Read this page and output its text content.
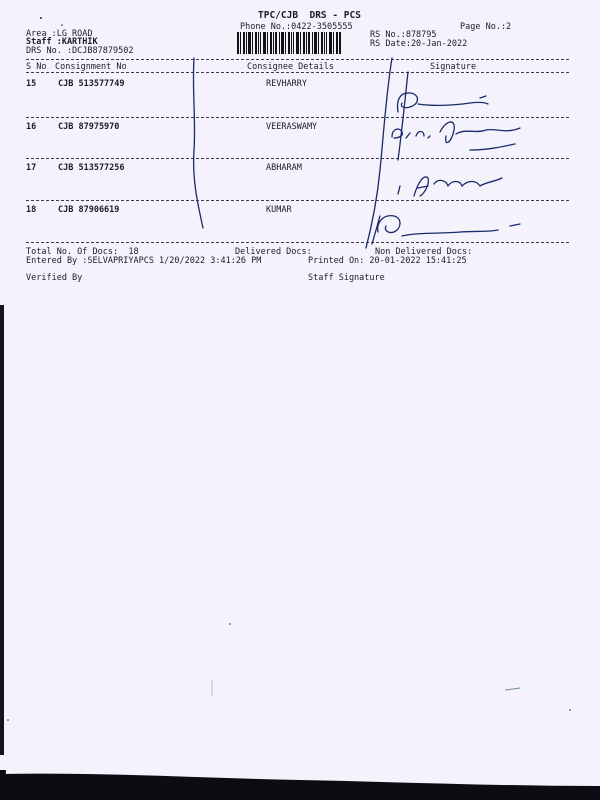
TPC/CJB  DRS - PCS
Phone No.:0422-3505555
Area :LG ROAD
Staff :KARTHIK
DRS No. :DCJB87879502
RS No.:878795
RS Date:20-Jan-2022
Page No.:2
S No Consignment No	Consignee Details	Signature
15	CJB 513577749	REVHARRY
16	CJB 87975970	VEERASWAMY
17	CJB 513577256	ABHARAM
18	CJB 87906619	KUMAR
Total No. Of Docs:  18	Delivered Docs:	Non Delivered Docs:
Entered By :SELVAPRIYAPCS 1/20/2022 3:41:26 PM	Printed On: 20-01-2022 15:41:25
Verified By	Staff Signature
